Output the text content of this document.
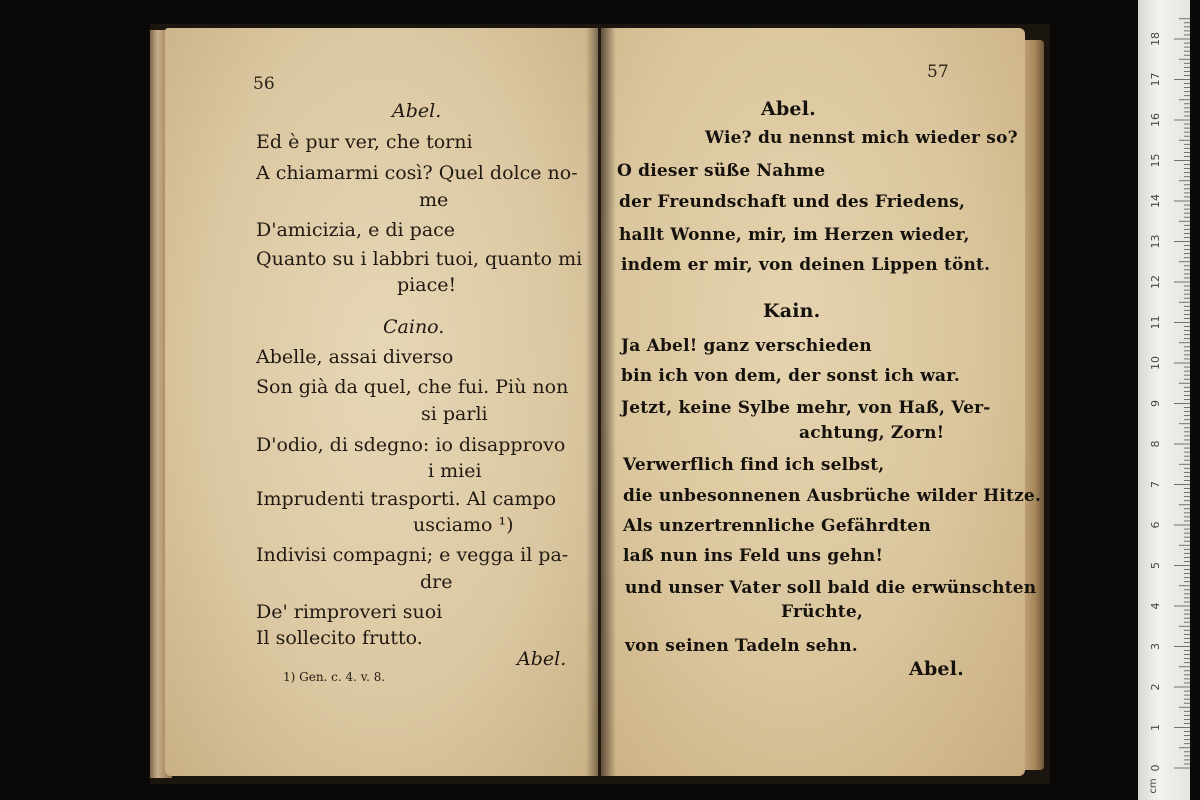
56
Abel.
Ed è pur ver, che torni
A chiamarmi così? Quel dolce no-
me
D'amicizia, e di pace
Quanto su i labbri tuoi, quanto mi
piace!
Caino.
Abelle, assai diverso
Son già da quel, che fui. Più non
si parli
D'odio, di sdegno: io disapprovo
i miei
Imprudenti trasporti. Al campo
usciamo ¹)
Indivisi compagni; e vegga il pa-
dre
De' rimproveri suoi
Il sollecito frutto.
Abel.
1) Gen. c. 4. v. 8.
57
Abel.
Wie? du nennst mich wieder so?
O dieser süße Nahme
der Freundschaft und des Friedens,
hallt Wonne, mir, im Herzen wieder,
indem er mir, von deinen Lippen tönt.
Kain.
Ja Abel! ganz verschieden
bin ich von dem, der sonst ich war.
Jetzt, keine Sylbe mehr, von Haß, Ver-
achtung, Zorn!
Verwerflich find ich selbst,
die unbesonnenen Ausbrüche wilder Hitze.
Als unzertrennliche Gefährdten
laß nun ins Feld uns gehn!
und unser Vater soll bald die erwünschten
Früchte,
von seinen Tadeln sehn.
Abel.
0
1
2
3
4
5
6
7
8
9
10
11
12
13
14
15
16
17
18
cm
